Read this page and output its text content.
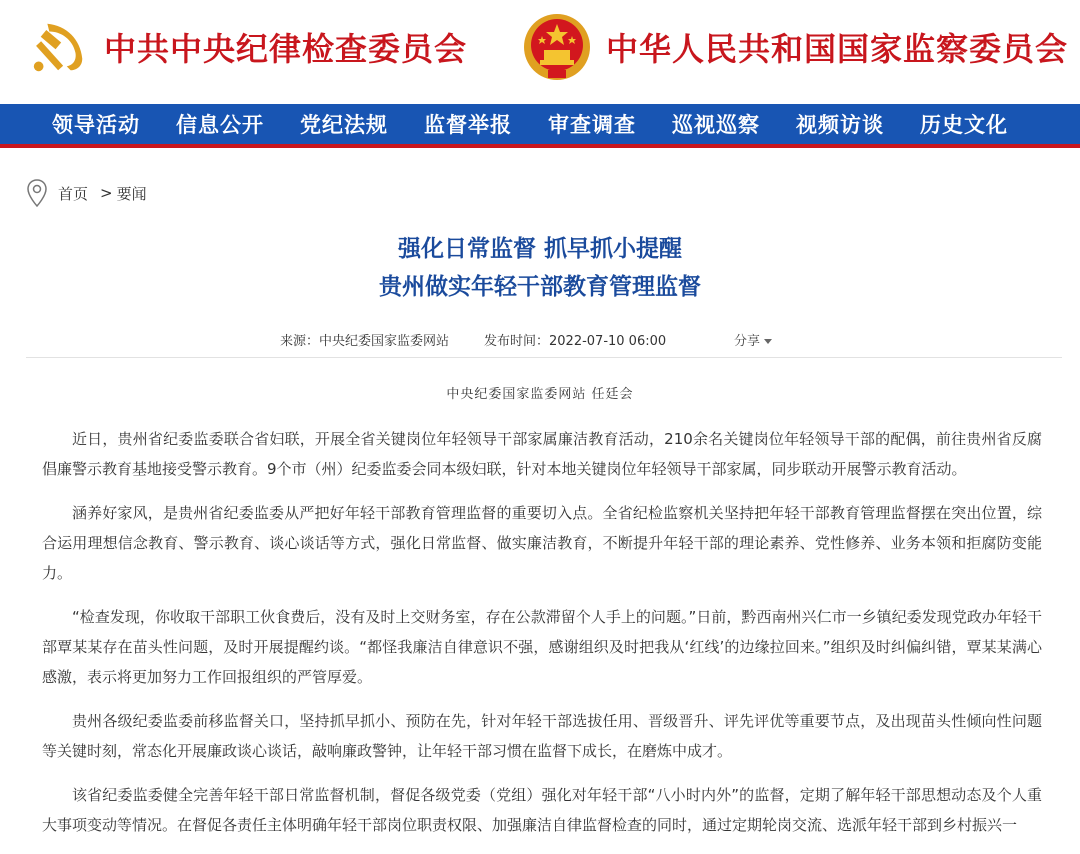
中共中央纪律检查委员会	中华人民共和国国家监察委员会
领导活动 信息公开 党纪法规 监督举报 审查调查 巡视巡察 视频访谈 历史文化
首页 > 要闻
强化日常监督 抓早抓小提醒
贵州做实年轻干部教育管理监督
来源：中央纪委国家监委网站	发布时间：2022-07-10 06:00	分享
中央纪委国家监委网站 任廷会

近日，贵州省纪委监委联合省妇联，开展全省关键岗位年轻领导干部家属廉洁教育活动，210余名关键岗位年轻领导干部的配偶，前往贵州省反腐倡廉警示教育基地接受警示教育。9个市（州）纪委监委会同本级妇联，针对本地关键岗位年轻领导干部家属，同步联动开展警示教育活动。

涵养好家风，是贵州省纪委监委从严把好年轻干部教育管理监督的重要切入点。全省纪检监察机关坚持把年轻干部教育管理监督摆在突出位置，综合运用理想信念教育、警示教育、谈心谈话等方式，强化日常监督、做实廉洁教育，不断提升年轻干部的理论素养、党性修养、业务本领和拒腐防变能力。

“检查发现，你收取干部职工伙食费后，没有及时上交财务室，存在公款滞留个人手上的问题。”日前，黔西南州兴仁市一乡镇纪委发现党政办年轻干部覃某某存在苗头性问题，及时开展提醒约谈。“都怪我廉洁自律意识不强，感谢组织及时把我从‘红线’的边缘拉回来。”组织及时纠偏纠错，覃某某满心感激，表示将更加努力工作回报组织的严管厚爱。

贵州各级纪委监委前移监督关口，坚持抓早抓小、预防在先，针对年轻干部选拔任用、晋级晋升、评先评优等重要节点，及出现苗头性倾向性问题等关键时刻，常态化开展廉政谈心谈话，敲响廉政警钟，让年轻干部习惯在监督下成长，在磨炼中成才。

该省纪委监委健全完善年轻干部日常监督机制，督促各级党委（党组）强化对年轻干部“八小时内外”的监督，定期了解年轻干部思想动态及个人重大事项变动等情况。在督促各责任主体明确年轻干部岗位职责权限、加强廉洁自律监督检查的同时，通过定期轮岗交流、选派年轻干部到乡村振兴一
